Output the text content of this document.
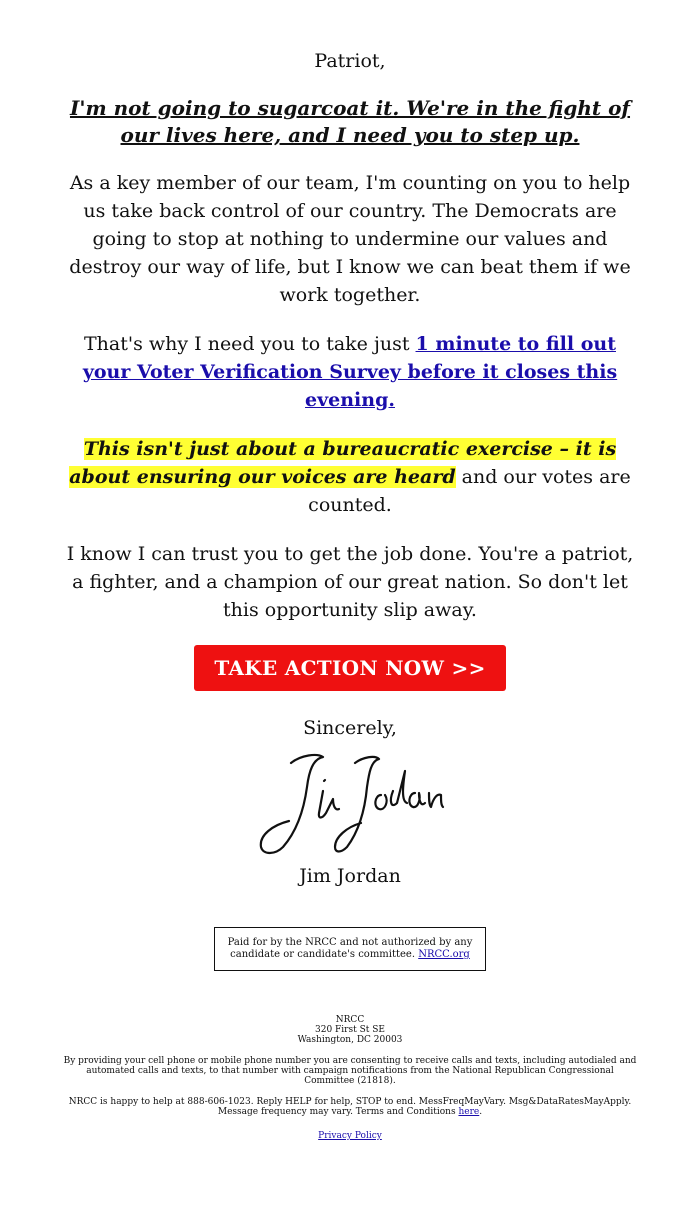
Patriot,

I'm not going to sugarcoat it. We're in the fight of our lives here, and I need you to step up.

As a key member of our team, I'm counting on you to help us take back control of our country. The Democrats are going to stop at nothing to undermine our values and destroy our way of life, but I know we can beat them if we work together.

That's why I need you to take just 1 minute to fill out your Voter Verification Survey before it closes this evening.

This isn't just about a bureaucratic exercise – it is about ensuring our voices are heard and our votes are counted.

I know I can trust you to get the job done. You're a patriot, a fighter, and a champion of our great nation. So don't let this opportunity slip away.

TAKE ACTION NOW >>

Sincerely,

Jim Jordan

Paid for by the NRCC and not authorized by any candidate or candidate's committee. NRCC.org
NRCC
320 First St SE
Washington, DC 20003
By providing your cell phone or mobile phone number you are consenting to receive calls and texts, including autodialed and automated calls and texts, to that number with campaign notifications from the National Republican Congressional Committee (21818).
NRCC is happy to help at 888-606-1023. Reply HELP for help, STOP to end. MessFreqMayVary. Msg&DataRatesMayApply. Message frequency may vary. Terms and Conditions here.
Privacy Policy
